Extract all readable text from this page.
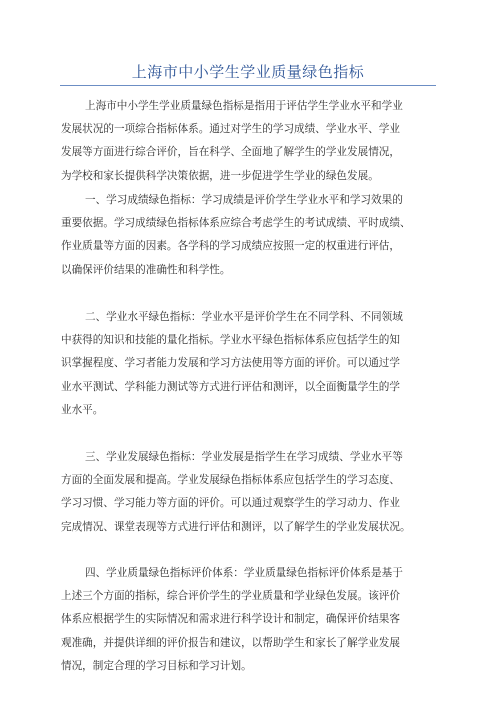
上海市中小学生学业质量绿色指标
上海市中小学生学业质量绿色指标是指用于评估学生学业水平和学业
发展状况的一项综合指标体系。通过对学生的学习成绩、学业水平、学业
发展等方面进行综合评价，旨在科学、全面地了解学生的学业发展情况，
为学校和家长提供科学决策依据，进一步促进学生学业的绿色发展。
一、学习成绩绿色指标：学习成绩是评价学生学业水平和学习效果的
重要依据。学习成绩绿色指标体系应综合考虑学生的考试成绩、平时成绩、
作业质量等方面的因素。各学科的学习成绩应按照一定的权重进行评估，
以确保评价结果的准确性和科学性。
二、学业水平绿色指标：学业水平是评价学生在不同学科、不同领域
中获得的知识和技能的量化指标。学业水平绿色指标体系应包括学生的知
识掌握程度、学习者能力发展和学习方法使用等方面的评价。可以通过学
业水平测试、学科能力测试等方式进行评估和测评，以全面衡量学生的学
业水平。
三、学业发展绿色指标：学业发展是指学生在学习成绩、学业水平等
方面的全面发展和提高。学业发展绿色指标体系应包括学生的学习态度、
学习习惯、学习能力等方面的评价。可以通过观察学生的学习动力、作业
完成情况、课堂表现等方式进行评估和测评，以了解学生的学业发展状况。
四、学业质量绿色指标评价体系：学业质量绿色指标评价体系是基于
上述三个方面的指标，综合评价学生的学业质量和学业绿色发展。该评价
体系应根据学生的实际情况和需求进行科学设计和制定，确保评价结果客
观准确，并提供详细的评价报告和建议，以帮助学生和家长了解学业发展
情况，制定合理的学习目标和学习计划。
